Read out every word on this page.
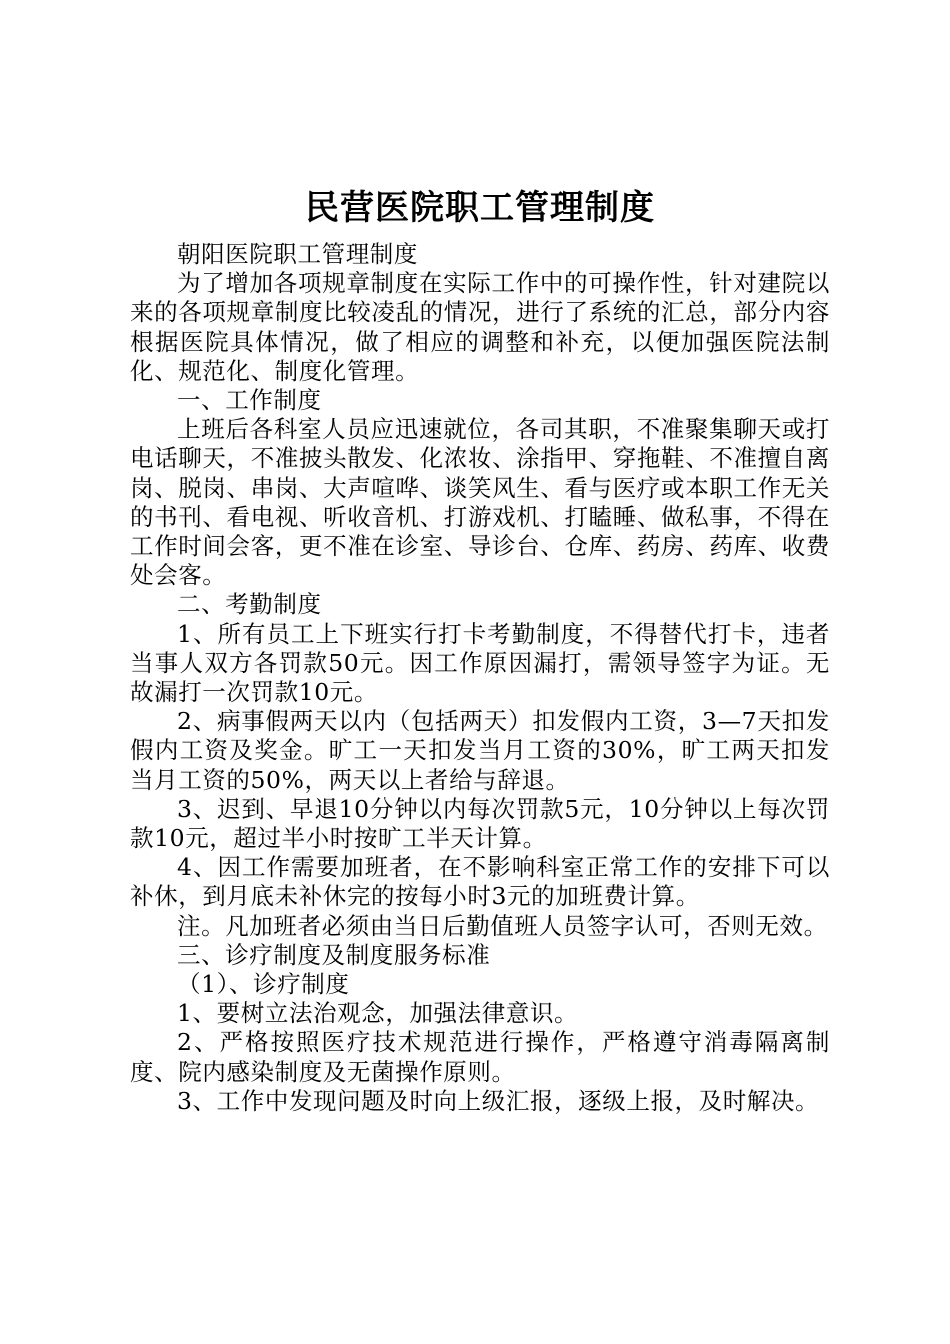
民营医院职工管理制度

朝阳医院职工管理制度

为了增加各项规章制度在实际工作中的可操作性，针对建院以来的各项规章制度比较凌乱的情况，进行了系统的汇总，部分内容根据医院具体情况，做了相应的调整和补充，以便加强医院法制化、规范化、制度化管理。

一、工作制度

上班后各科室人员应迅速就位，各司其职，不准聚集聊天或打电话聊天，不准披头散发、化浓妆、涂指甲、穿拖鞋、不准擅自离岗、脱岗、串岗、大声喧哗、谈笑风生、看与医疗或本职工作无关的书刊、看电视、听收音机、打游戏机、打瞌睡、做私事，不得在工作时间会客，更不准在诊室、导诊台、仓库、药房、药库、收费处会客。

二、考勤制度

1、所有员工上下班实行打卡考勤制度，不得替代打卡，违者当事人双方各罚款50元。因工作原因漏打，需领导签字为证。无故漏打一次罚款10元。

2、病事假两天以内（包括两天）扣发假内工资，3—7天扣发假内工资及奖金。旷工一天扣发当月工资的30%，旷工两天扣发当月工资的50%，两天以上者给与辞退。

3、迟到、早退10分钟以内每次罚款5元，10分钟以上每次罚款10元，超过半小时按旷工半天计算。

4、因工作需要加班者，在不影响科室正常工作的安排下可以补休，到月底未补休完的按每小时3元的加班费计算。

注。凡加班者必须由当日后勤值班人员签字认可，否则无效。

三、诊疗制度及制度服务标准

（1）、诊疗制度

1、要树立法治观念，加强法律意识。

2、严格按照医疗技术规范进行操作，严格遵守消毒隔离制度、院内感染制度及无菌操作原则。

3、工作中发现问题及时向上级汇报，逐级上报，及时解决。
